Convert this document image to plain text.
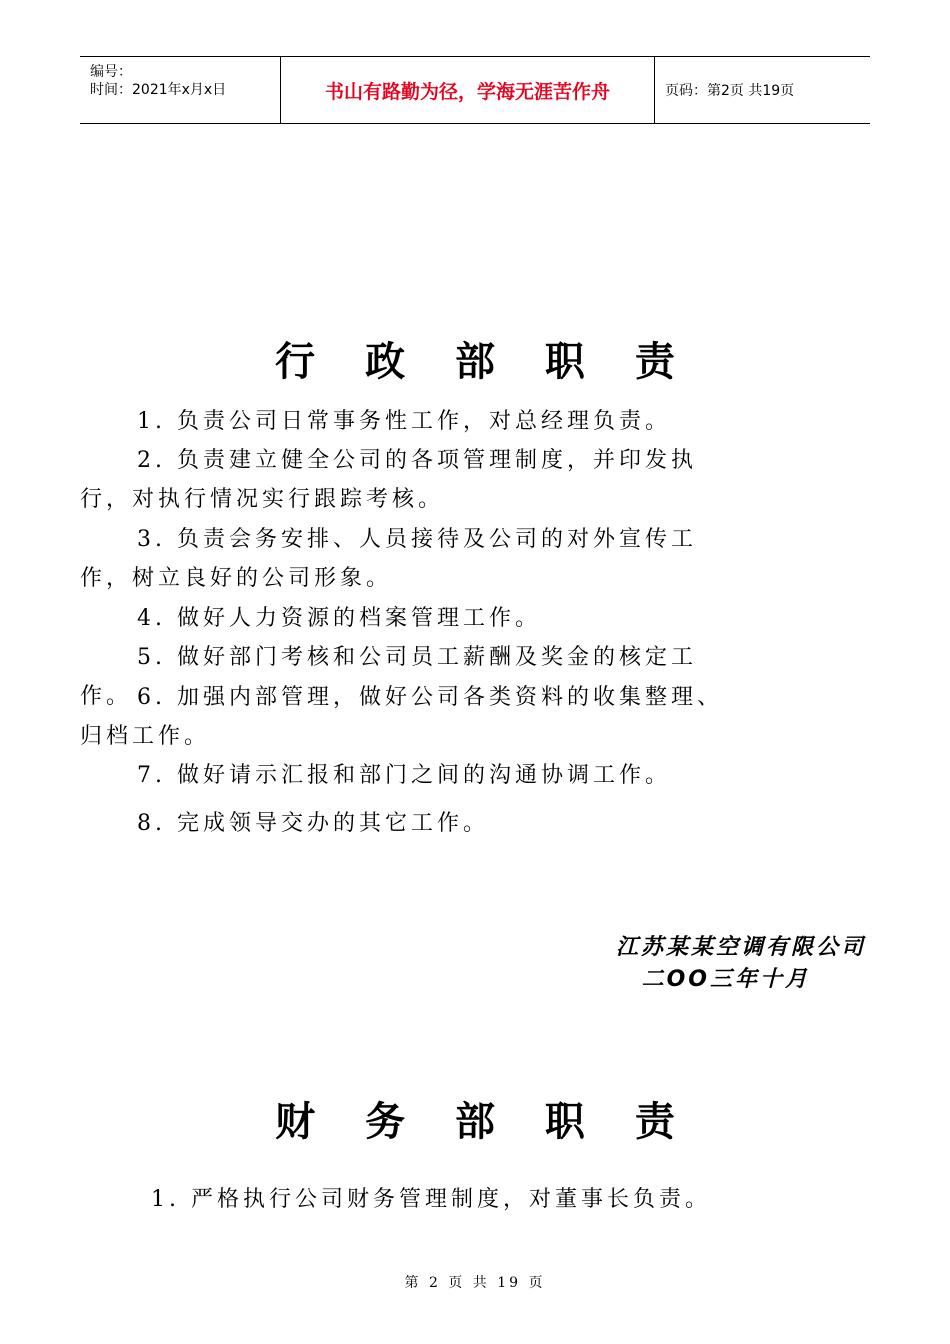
编号：
时间：2021年x月x日	书山有路勤为径，学海无涯苦作舟	页码：第2页 共19页
行 政 部 职 责
1. 负责公司日常事务性工作，对总经理负责。
2. 负责建立健全公司的各项管理制度，并印发执行，对执行情况实行跟踪考核。
3. 负责会务安排、人员接待及公司的对外宣传工作，树立良好的公司形象。
4. 做好人力资源的档案管理工作。
5. 做好部门考核和公司员工薪酬及奖金的核定工作。 6. 加强内部管理，做好公司各类资料的收集整理、归档工作。
7. 做好请示汇报和部门之间的沟通协调工作。
8. 完成领导交办的其它工作。
江苏某某空调有限公司
二OO三年十月
财 务 部 职 责
1. 严格执行公司财务管理制度，对董事长负责。
第 2 页 共 19 页
